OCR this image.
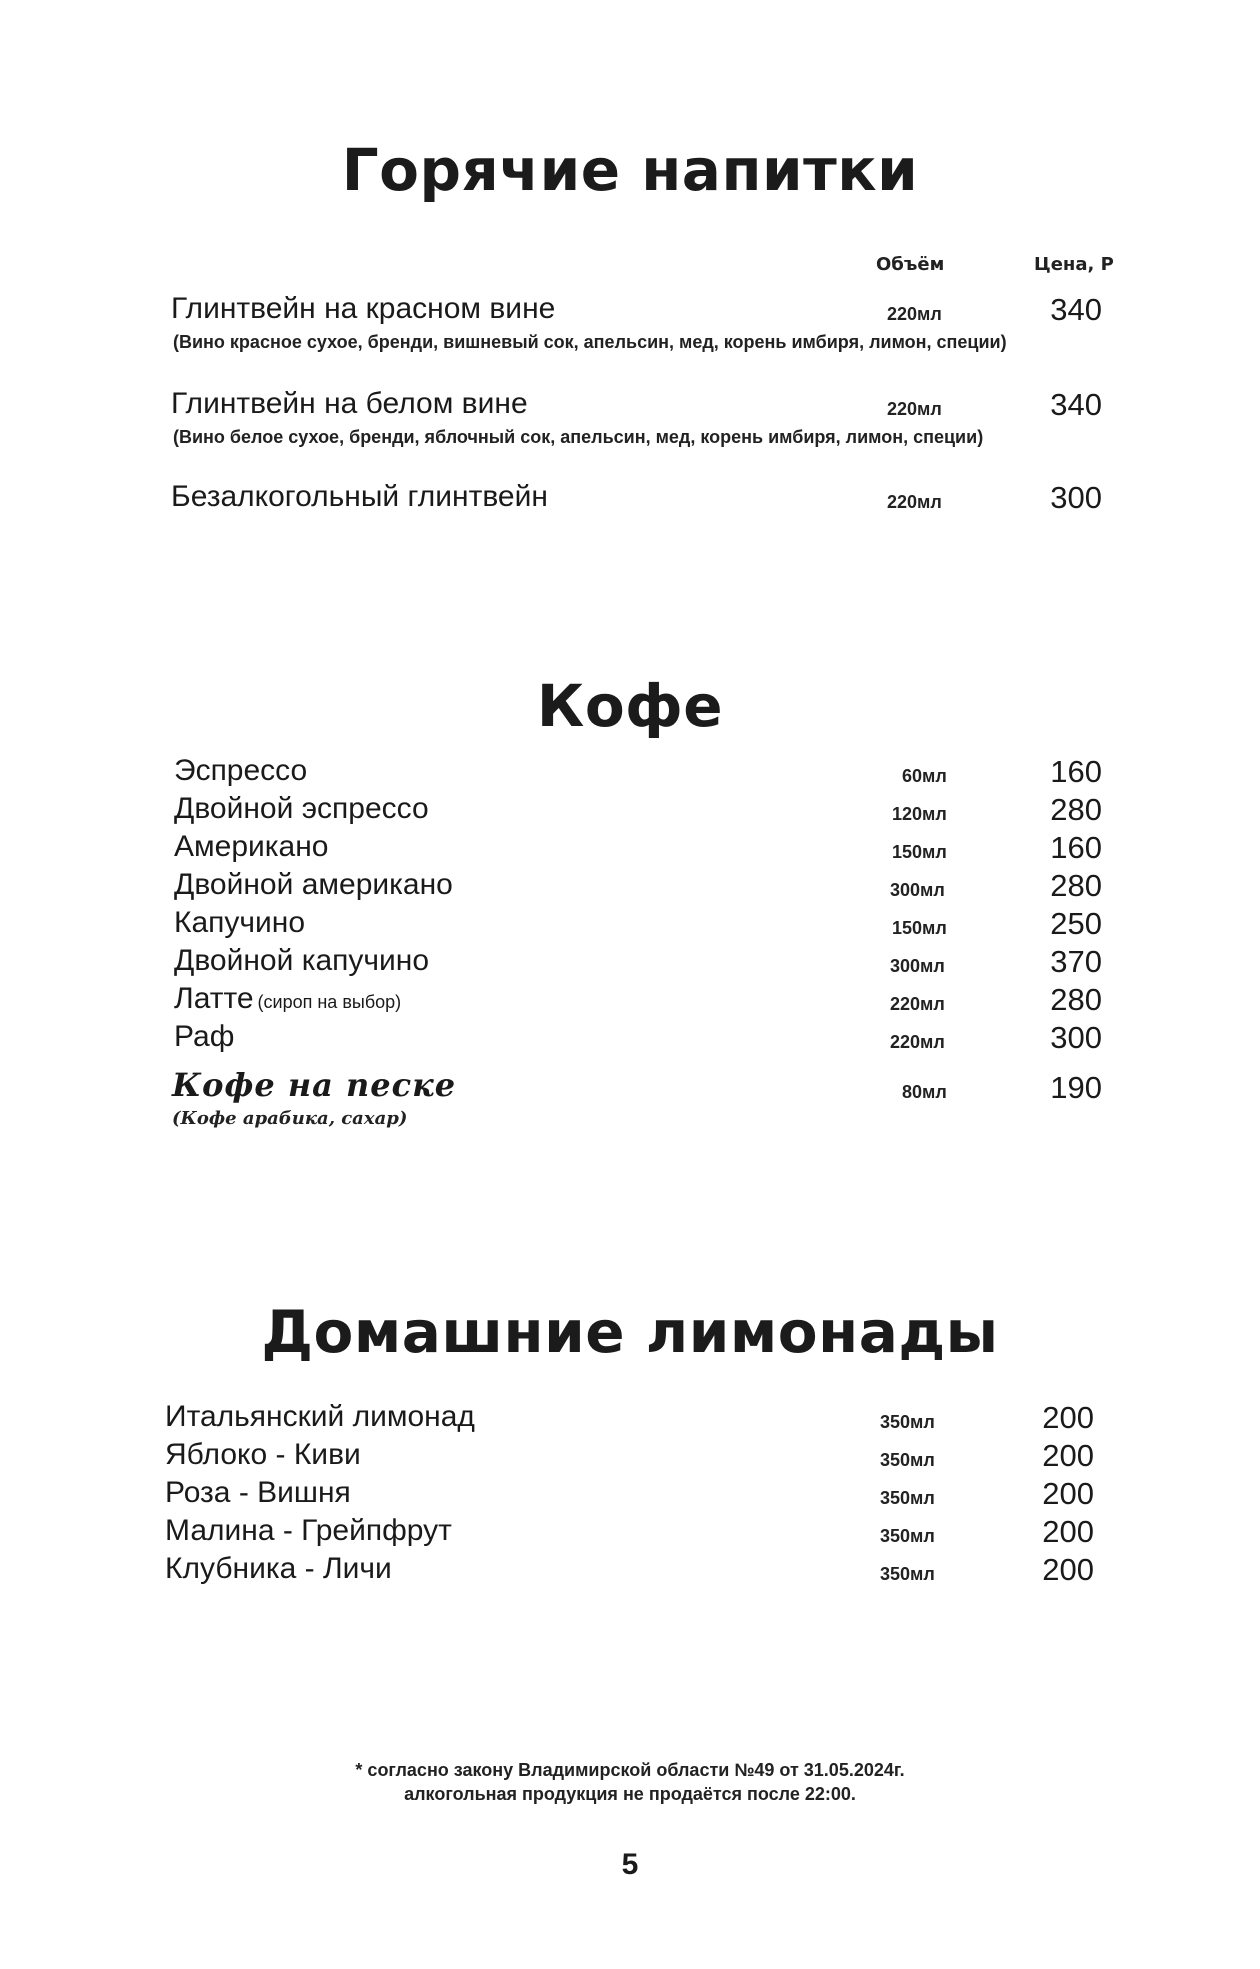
Горячие напитки
Объём	Цена, Р
Глинтвейн на красном вине	220мл	340
(Вино красное сухое, бренди, вишневый сок, апельсин, мед, корень имбиря, лимон, специи)
Глинтвейн на белом вине	220мл	340
(Вино белое сухое, бренди, яблочный сок, апельсин, мед, корень имбиря, лимон, специи)
Безалкогольный глинтвейн	220мл	300
Кофе
Эспрессо	60мл	160
Двойной эспрессо	120мл	280
Американо	150мл	160
Двойной американо	300мл	280
Капучино	150мл	250
Двойной капучино	300мл	370
Латте (сироп на выбор)	220мл	280
Раф	220мл	300
Кофе на песке	80мл	190
(Кофе арабика, сахар)
Домашние лимонады
Итальянский лимонад	350мл	200
Яблоко - Киви	350мл	200
Роза - Вишня	350мл	200
Малина - Грейпфрут	350мл	200
Клубника - Личи	350мл	200
* согласно закону Владимирской области №49 от 31.05.2024г.
алкогольная продукция не продаётся после 22:00.
5
